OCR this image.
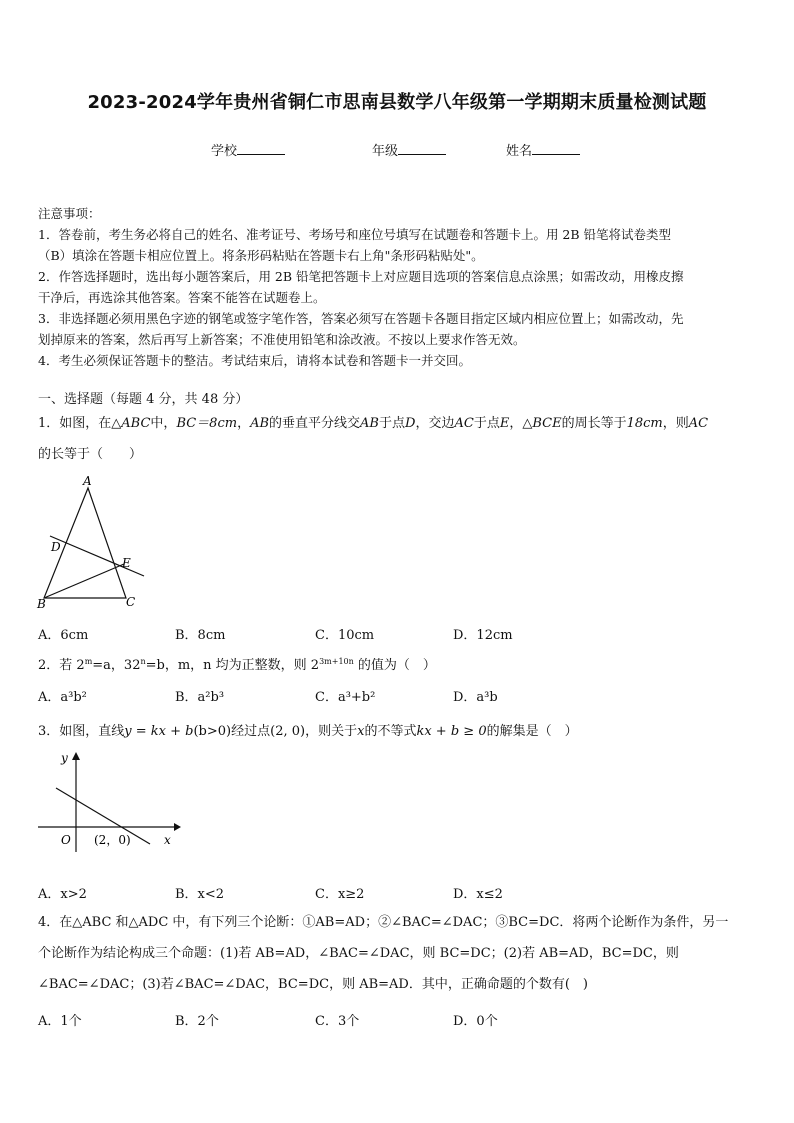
2023-2024学年贵州省铜仁市思南县数学八年级第一学期期末质量检测试题
学校	年级	姓名

注意事项：

1．答卷前，考生务必将自己的姓名、准考证号、考场号和座位号填写在试题卷和答题卡上。用 2B 铅笔将试卷类型

（B）填涂在答题卡相应位置上。将条形码粘贴在答题卡右上角"条形码粘贴处"。

2．作答选择题时，选出每小题答案后，用 2B 铅笔把答题卡上对应题目选项的答案信息点涂黑；如需改动，用橡皮擦

干净后，再选涂其他答案。答案不能答在试题卷上。

3．非选择题必须用黑色字迹的钢笔或签字笔作答，答案必须写在答题卡各题目指定区域内相应位置上；如需改动，先

划掉原来的答案，然后再写上新答案；不准使用铅笔和涂改液。不按以上要求作答无效。

4．考生必须保证答题卡的整洁。考试结束后，请将本试卷和答题卡一并交回。

一、选择题（每题 4 分，共 48 分）

1．如图，在△ABC中，BC＝8cm，AB的垂直平分线交AB于点D，交边AC于点E，△BCE的周长等于18cm，则AC

的长等于（　　）

A
D
E
B	C
A．6cm	B．8cm	C．10cm	D．12cm

2．若 $2^m=a$，$32^n=b$，m，n 均为正整数，则 $2^{3m+10n}$ 的值为（　）

A．a³b²	B．a²b³	C．a³+b²	D．a³b

3．如图，直线y = kx + b(b>0)经过点(2, 0)，则关于x的不等式kx + b ≥ 0的解集是（　）

y
x
O (2，0)
A．x>2	B．x<2	C．x≥2	D．x≤2

4．在△ABC 和△ADC 中，有下列三个论断：①AB=AD；②∠BAC=∠DAC；③BC=DC．将两个论断作为条件，另一

个论断作为结论构成三个命题：(1)若 AB=AD，∠BAC=∠DAC，则 BC=DC；(2)若 AB=AD，BC=DC，则

∠BAC=∠DAC；(3)若∠BAC=∠DAC，BC=DC，则 AB=AD．其中，正确命题的个数有(　)

A．1个	B．2个	C．3个	D．0个
